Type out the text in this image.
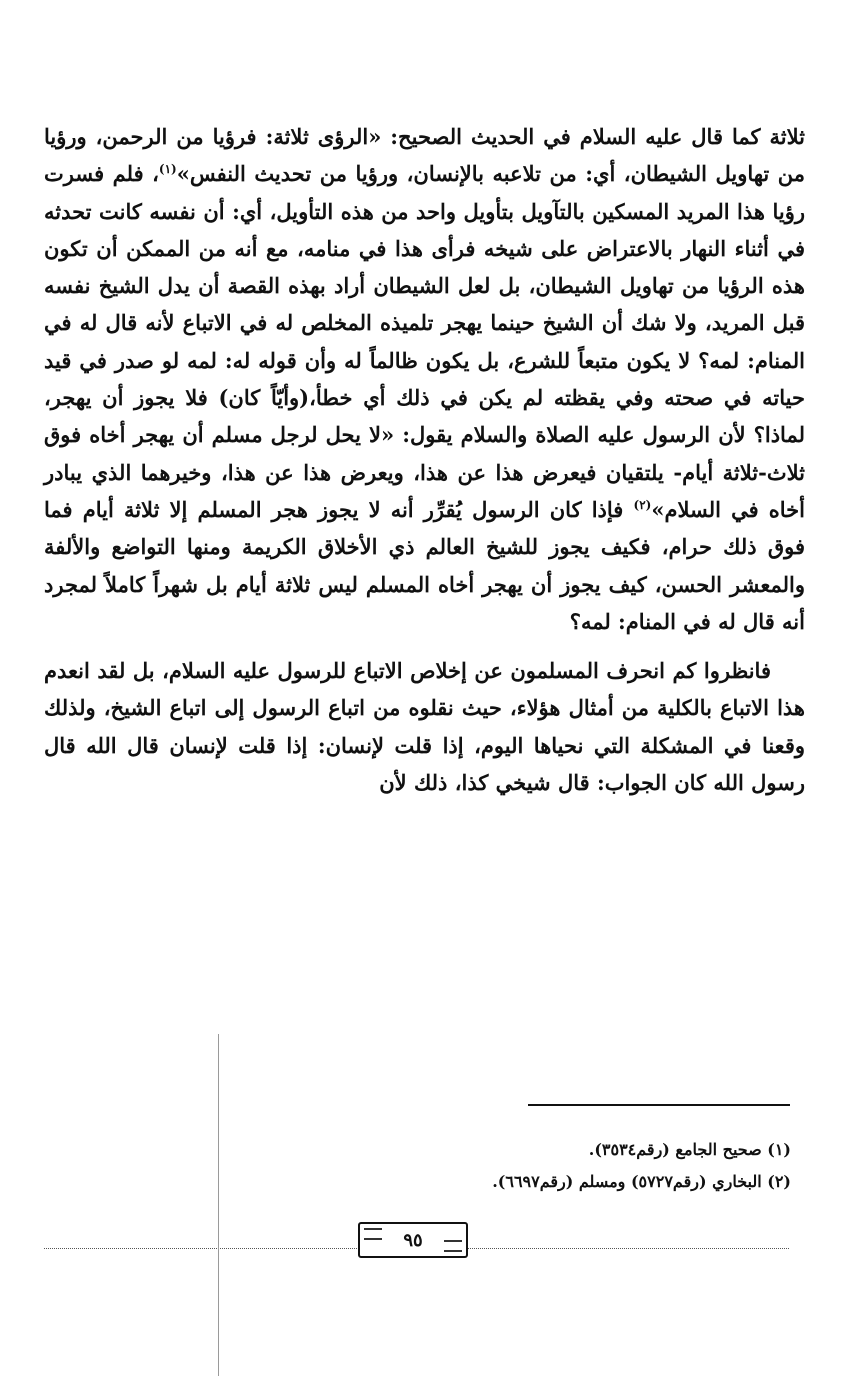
ثلاثة كما قال عليه السلام في الحديث الصحيح: «الرؤى ثلاثة: فرؤيا من الرحمن، ورؤيا من تهاويل الشيطان، أي: من تلاعبه بالإنسان، ورؤيا من تحديث النفس»$^{(١)}$، فلم فسرت رؤيا هذا المريد المسكين بالتآويل بتأويل واحد من هذه التأويل، أي: أن نفسه كانت تحدثه في أثناء النهار بالاعتراض على شيخه فرأى هذا في منامه، مع أنه من الممكن أن تكون هذه الرؤيا من تهاويل الشيطان، بل لعل الشيطان أراد بهذه القصة أن يدل الشيخ نفسه قبل المريد، ولا شك أن الشيخ حينما يهجر تلميذه المخلص له في الاتباع لأنه قال له في المنام: لمه؟ لا يكون متبعاً للشرع، بل يكون ظالماً له وأن قوله له: لمه لو صدر في قيد حياته في صحته وفي يقظته لم يكن في ذلك أي خطأ،(وأيّاً كان) فلا يجوز أن يهجر، لماذا؟ لأن الرسول عليه الصلاة والسلام يقول: «لا يحل لرجل مسلم أن يهجر أخاه فوق ثلاث-ثلاثة أيام- يلتقيان فيعرض هذا عن هذا، ويعرض هذا عن هذا، وخيرهما الذي يبادر أخاه في السلام»$^{(٢)}$ فإذا كان الرسول يُقرِّر أنه لا يجوز هجر المسلم إلا ثلاثة أيام فما فوق ذلك حرام، فكيف يجوز للشيخ العالم ذي الأخلاق الكريمة ومنها التواضع والألفة والمعشر الحسن، كيف يجوز أن يهجر أخاه المسلم ليس ثلاثة أيام بل شهراً كاملاً لمجرد أنه قال له في المنام: لمه؟

فانظروا كم انحرف المسلمون عن إخلاص الاتباع للرسول عليه السلام، بل لقد انعدم هذا الاتباع بالكلية من أمثال هؤلاء، حيث نقلوه من اتباع الرسول إلى اتباع الشيخ، ولذلك وقعنا في المشكلة التي نحياها اليوم، إذا قلت لإنسان: إذا قلت لإنسان قال الله قال رسول الله كان الجواب: قال شيخي كذا، ذلك لأن

(١) صحيح الجامع (رقم٣٥٣٤).

(٢) البخاري (رقم٥٧٢٧) ومسلم (رقم٦٦٩٧).

٩٥
